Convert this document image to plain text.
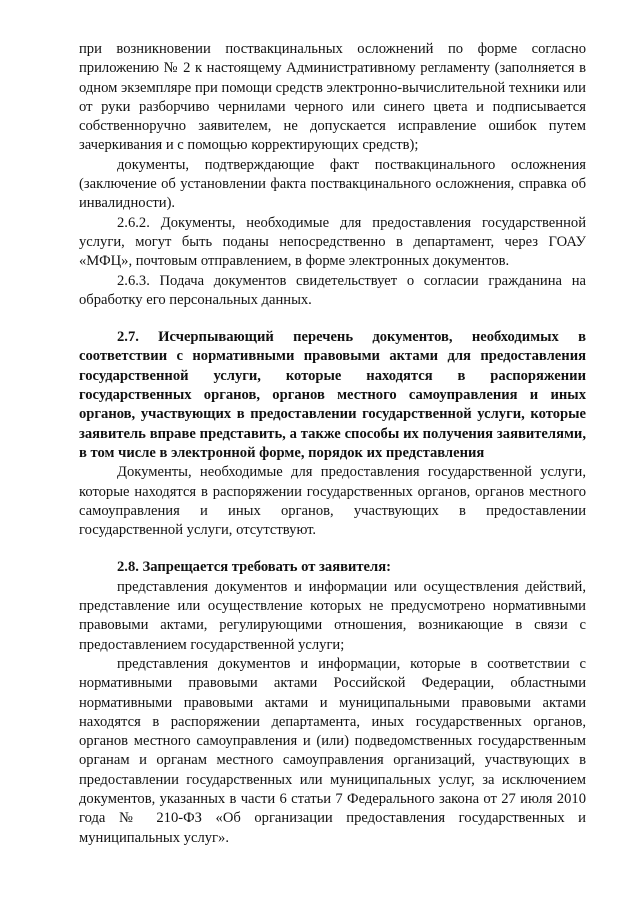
при возникновении поствакцинальных осложнений по форме согласно приложению № 2 к настоящему Административному регламенту (заполняется в одном экземпляре при помощи средств электронно-вычислительной техники или от руки разборчиво чернилами черного или синего цвета и подписывается собственноручно заявителем, не допускается исправление ошибок путем зачеркивания и с помощью корректирующих средств);

документы, подтверждающие факт поствакцинального осложнения (заключение об установлении факта поствакцинального осложнения, справка об инвалидности).

2.6.2. Документы, необходимые для предоставления государственной услуги, могут быть поданы непосредственно в департамент, через ГОАУ «МФЦ», почтовым отправлением, в форме электронных документов.

2.6.3. Подача документов свидетельствует о согласии гражданина на обработку его персональных данных.

2.7. Исчерпывающий перечень документов, необходимых в соответствии с нормативными правовыми актами для предоставления государственной услуги, которые находятся в распоряжении государственных органов, органов местного самоуправления и иных органов, участвующих в предоставлении государственной услуги, которые заявитель вправе представить, а также способы их получения заявителями, в том числе в электронной форме, порядок их представления

Документы, необходимые для предоставления государственной услуги, которые находятся в распоряжении государственных органов, органов местного самоуправления и иных органов, участвующих в предоставлении государственной услуги, отсутствуют.

2.8. Запрещается требовать от заявителя:

представления документов и информации или осуществления действий, представление или осуществление которых не предусмотрено нормативными правовыми актами, регулирующими отношения, возникающие в связи с предоставлением государственной услуги;

представления документов и информации, которые в соответствии с нормативными правовыми актами Российской Федерации, областными нормативными правовыми актами и муниципальными правовыми актами находятся в распоряжении департамента, иных государственных органов, органов местного самоуправления и (или) подведомственных государственным органам и органам местного самоуправления организаций, участвующих в предоставлении государственных или муниципальных услуг, за исключением документов, указанных в части 6 статьи 7 Федерального закона от 27 июля 2010 года № 210-ФЗ «Об организации предоставления государственных и муниципальных услуг».
